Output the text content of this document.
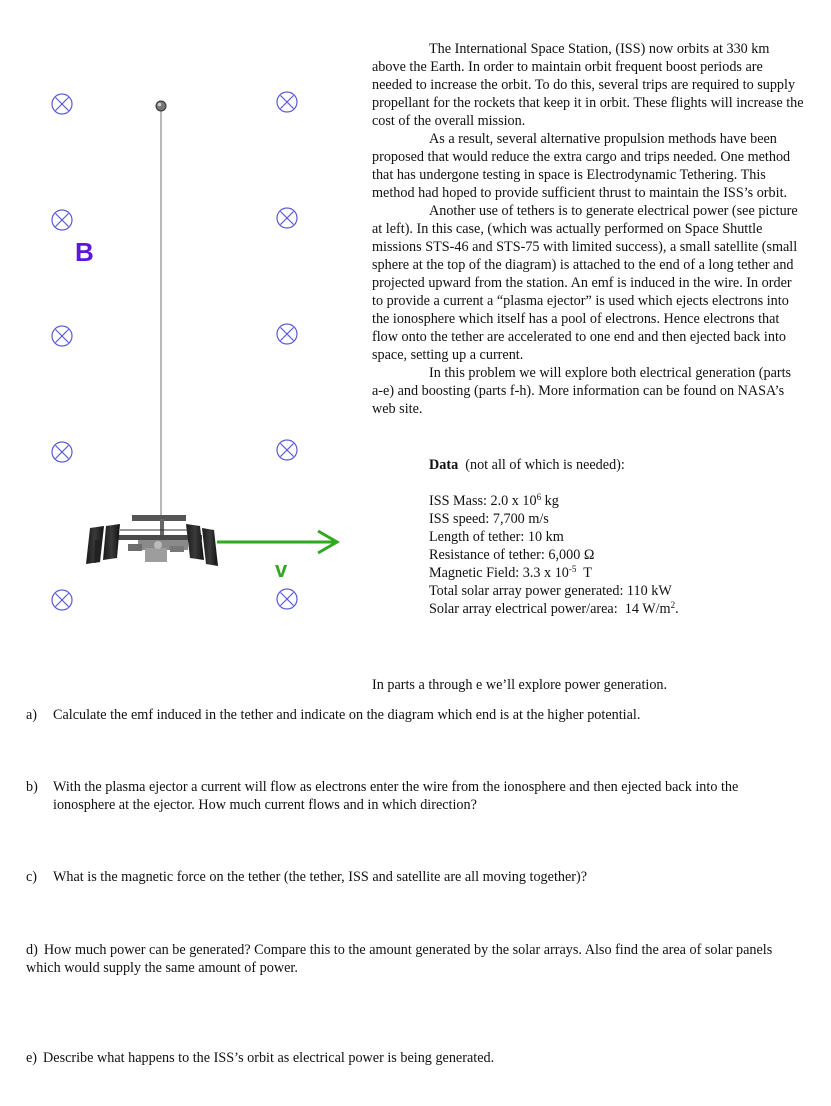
B
v

The International Space Station, (ISS) now orbits at 330 km above the Earth. In order to maintain orbit frequent boost periods are needed to increase the orbit. To do this, several trips are required to supply propellant for the rockets that keep it in orbit. These flights will increase the cost of the overall mission.

As a result, several alternative propulsion methods have been proposed that would reduce the extra cargo and trips needed. One method that has undergone testing in space is Electrodynamic Tethering. This method had hoped to provide sufficient thrust to maintain the ISS’s orbit.

Another use of tethers is to generate electrical power (see picture at left). In this case, (which was actually performed on Space Shuttle missions STS-46 and STS-75 with limited success), a small satellite (small sphere at the top of the diagram) is attached to the end of a long tether and projected upward from the station. An emf is induced in the wire. In order to provide a current a “plasma ejector” is used which ejects electrons into the ionosphere which itself has a pool of electrons. Hence electrons that flow onto the tether are accelerated to one end and then ejected back into space, setting up a current.

In this problem we will explore both electrical generation (parts a-e) and boosting (parts f-h). More information can be found on NASA’s web site.

Data (not all of which is needed):
ISS Mass: 2.0 x $10^6$ kg
ISS speed: 7,700 m/s
Length of tether: 10 km
Resistance of tether: 6,000 Ω
Magnetic Field: 3.3 x $10^{-5}$  T
Total solar array power generated: 110 kW
Solar array electrical power/area:  14 $W/m^2$.
In parts a through e we’ll explore power generation.
a) Calculate the emf induced in the tether and indicate on the diagram which end is at the higher potential.
b) With the plasma ejector a current will flow as electrons enter the wire from the ionosphere and then ejected back into the ionosphere at the ejector. How much current flows and in which direction?
c) What is the magnetic force on the tether (the tether, ISS and satellite are all moving together)?
d) How much power can be generated? Compare this to the amount generated by the solar arrays. Also find the area of solar panels which would supply the same amount of power.
e) Describe what happens to the ISS’s orbit as electrical power is being generated.
